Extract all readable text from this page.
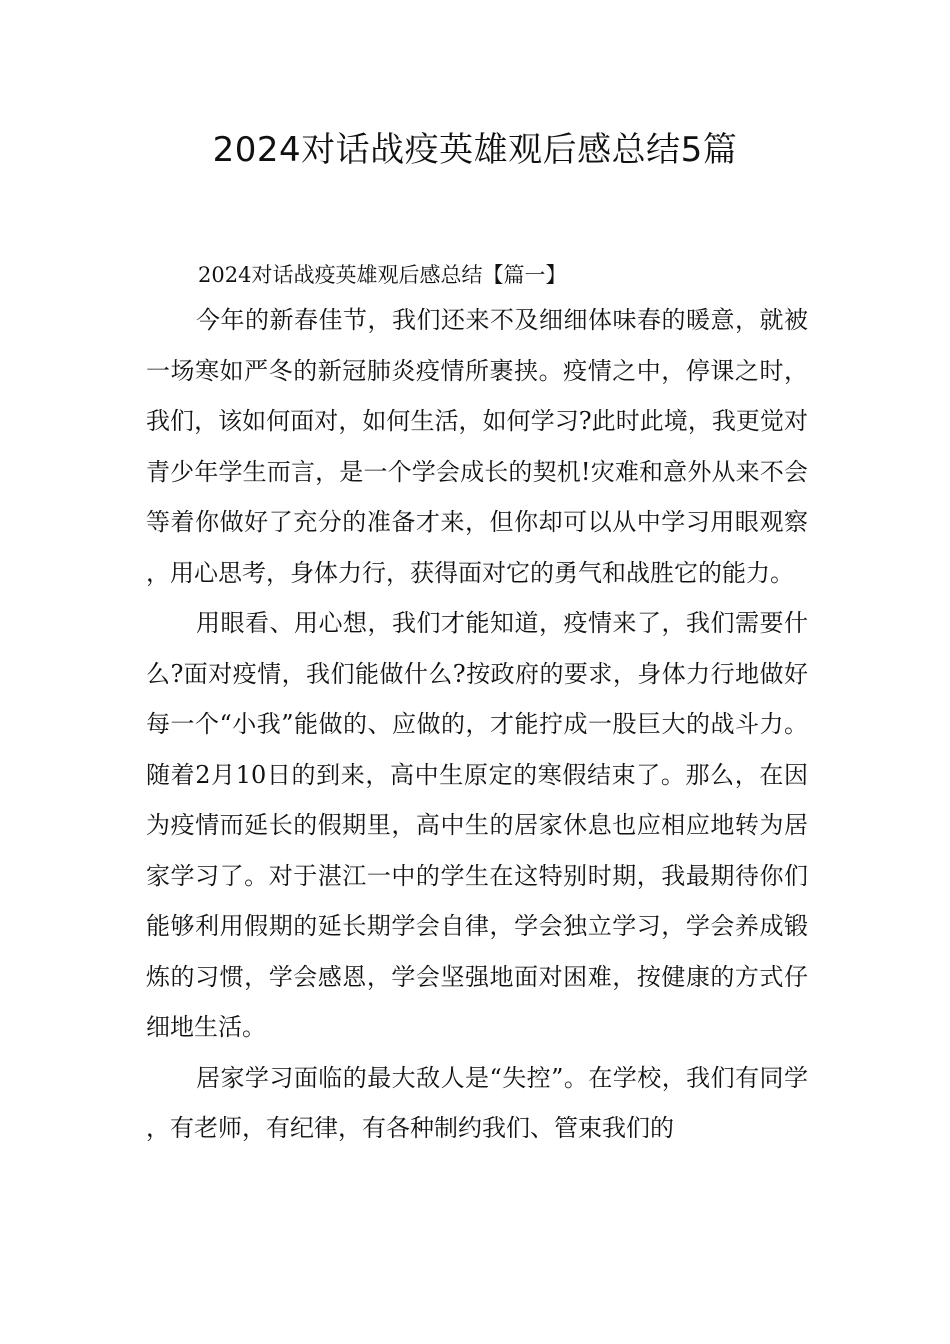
2024对话战疫英雄观后感总结5篇

2024对话战疫英雄观后感总结【篇一】

今年的新春佳节，我们还来不及细细体味春的暖意，就被一场寒如严冬的新冠肺炎疫情所裹挟。疫情之中，停课之时，我们，该如何面对，如何生活，如何学习?此时此境，我更觉对青少年学生而言，是一个学会成长的契机!灾难和意外从来不会等着你做好了充分的准备才来，但你却可以从中学习用眼观察，用心思考，身体力行，获得面对它的勇气和战胜它的能力。

用眼看、用心想，我们才能知道，疫情来了，我们需要什么?面对疫情，我们能做什么?按政府的要求，身体力行地做好每一个“小我”能做的、应做的，才能拧成一股巨大的战斗力。随着2月10日的到来，高中生原定的寒假结束了。那么，在因为疫情而延长的假期里，高中生的居家休息也应相应地转为居家学习了。对于湛江一中的学生在这特别时期，我最期待你们能够利用假期的延长期学会自律，学会独立学习，学会养成锻炼的习惯，学会感恩，学会坚强地面对困难，按健康的方式仔细地生活。

居家学习面临的最大敌人是“失控”。在学校，我们有同学，有老师，有纪律，有各种制约我们、管束我们的
